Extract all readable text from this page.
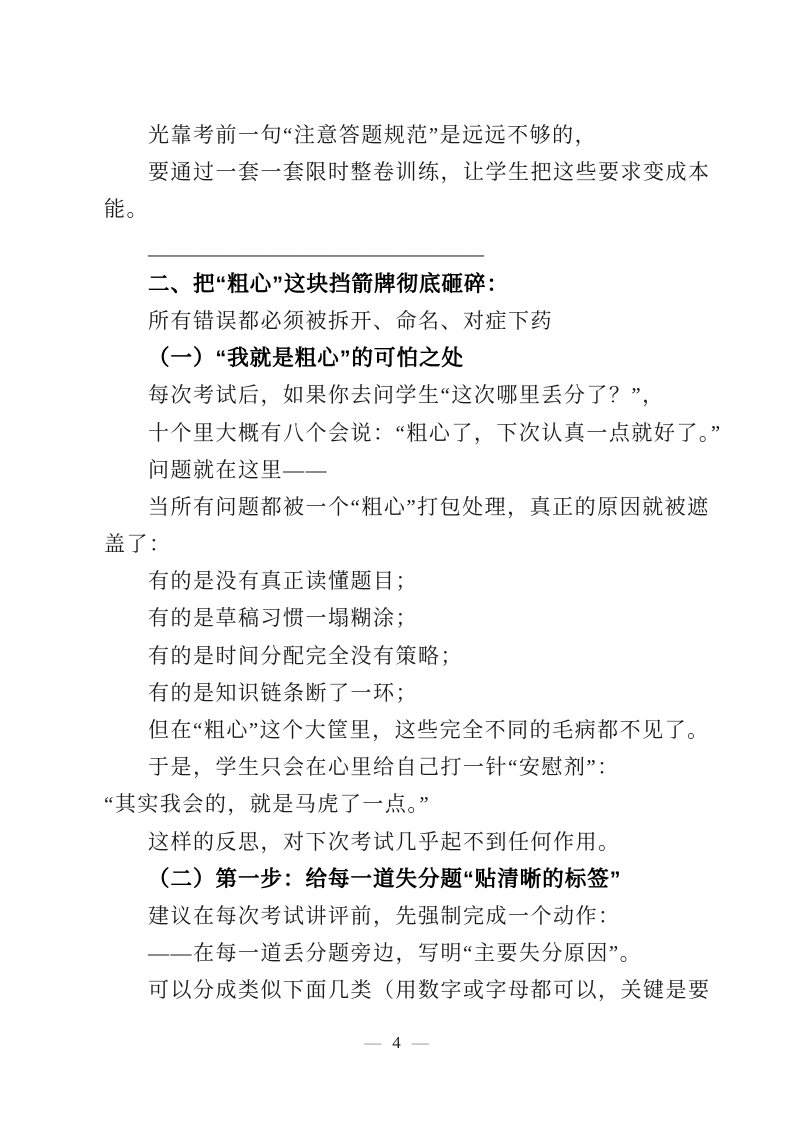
光靠考前一句“注意答题规范”是远远不够的，
要通过一套一套限时整卷训练，让学生把这些要求变成本
能。
________________________________
二、把“粗心”这块挡箭牌彻底砸碎：
所有错误都必须被拆开、命名、对症下药
（一）“我就是粗心”的可怕之处
每次考试后，如果你去问学生“这次哪里丢分了？”，
十个里大概有八个会说：“粗心了，下次认真一点就好了。”
问题就在这里——
当所有问题都被一个“粗心”打包处理，真正的原因就被遮
盖了：
有的是没有真正读懂题目；
有的是草稿习惯一塌糊涂；
有的是时间分配完全没有策略；
有的是知识链条断了一环；
但在“粗心”这个大筐里，这些完全不同的毛病都不见了。
于是，学生只会在心里给自己打一针“安慰剂”：
“其实我会的，就是马虎了一点。”
这样的反思，对下次考试几乎起不到任何作用。
（二）第一步：给每一道失分题“贴清晰的标签”
建议在每次考试讲评前，先强制完成一个动作：
——在每一道丢分题旁边，写明“主要失分原因”。
可以分成类似下面几类（用数字或字母都可以，关键是要
— 4 —
